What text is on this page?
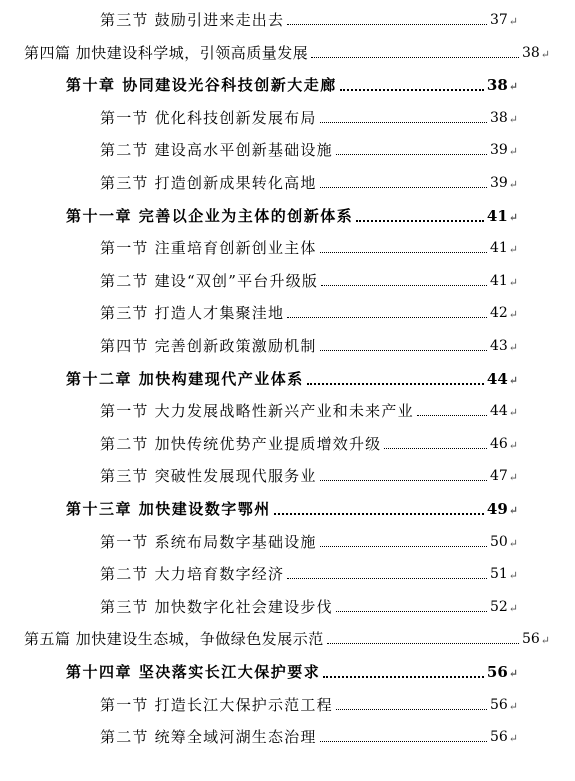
第三节 鼓励引进来走出去	37 ↵
第四篇 加快建设科学城，引领高质量发展	38 ↵
第十章 协同建设光谷科技创新大走廊	38 ↵
第一节 优化科技创新发展布局	38 ↵
第二节 建设高水平创新基础设施	39 ↵
第三节 打造创新成果转化高地	39 ↵
第十一章 完善以企业为主体的创新体系	41 ↵
第一节 注重培育创新创业主体	41 ↵
第二节 建设“双创”平台升级版	41 ↵
第三节 打造人才集聚洼地	42 ↵
第四节 完善创新政策激励机制	43 ↵
第十二章 加快构建现代产业体系	44 ↵
第一节 大力发展战略性新兴产业和未来产业	44 ↵
第二节 加快传统优势产业提质增效升级	46 ↵
第三节 突破性发展现代服务业	47 ↵
第十三章 加快建设数字鄂州	49 ↵
第一节 系统布局数字基础设施	50 ↵
第二节 大力培育数字经济	51 ↵
第三节 加快数字化社会建设步伐	52 ↵
第五篇 加快建设生态城，争做绿色发展示范	56 ↵
第十四章 坚决落实长江大保护要求	56 ↵
第一节 打造长江大保护示范工程	56 ↵
第二节 统筹全域河湖生态治理	56 ↵
